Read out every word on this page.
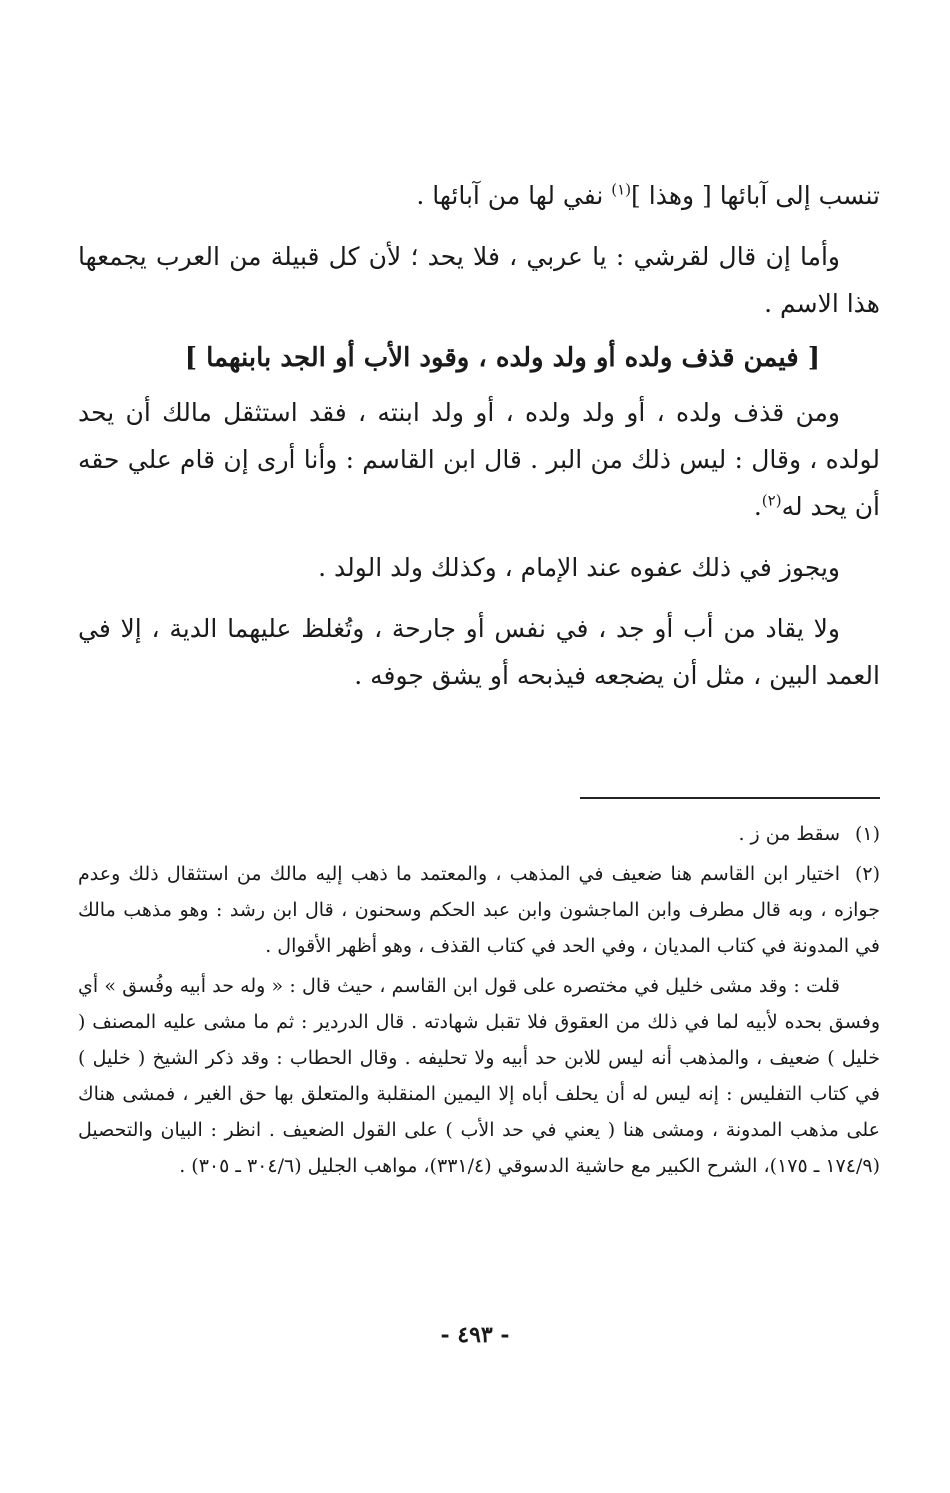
تنسب إلى آبائها [ وهذا ]$^{(١)}$ نفي لها من آبائها .

وأما إن قال لقرشي : يا عربي ، فلا يحد ؛ لأن كل قبيلة من العرب يجمعها هذا الاسم .

[ فيمن قذف ولده أو ولد ولده ، وقود الأب أو الجد بابنهما ]

ومن قذف ولده ، أو ولد ولده ، أو ولد ابنته ، فقد استثقل مالك أن يحد لولده ، وقال : ليس ذلك من البر . قال ابن القاسم : وأنا أرى إن قام علي حقه أن يحد له$^{(٢)}$.

ويجوز في ذلك عفوه عند الإمام ، وكذلك ولد الولد .

ولا يقاد من أب أو جد ، في نفس أو جارحة ، وتُغلظ عليهما الدية ، إلا في العمد البين ، مثل أن يضجعه فيذبحه أو يشق جوفه .

(١)سقط من ز .

(٢)اختيار ابن القاسم هنا ضعيف في المذهب ، والمعتمد ما ذهب إليه مالك من استثقال ذلك وعدم جوازه ، وبه قال مطرف وابن الماجشون وابن عبد الحكم وسحنون ، قال ابن رشد : وهو مذهب مالك في المدونة في كتاب المديان ، وفي الحد في كتاب القذف ، وهو أظهر الأقوال .

قلت : وقد مشى خليل في مختصره على قول ابن القاسم ، حيث قال : « وله حد أبيه وفُسق » أي وفسق بحده لأبيه لما في ذلك من العقوق فلا تقبل شهادته . قال الدردير : ثم ما مشى عليه المصنف ( خليل ) ضعيف ، والمذهب أنه ليس للابن حد أبيه ولا تحليفه . وقال الحطاب : وقد ذكر الشيخ ( خليل ) في كتاب التفليس : إنه ليس له أن يحلف أباه إلا اليمين المنقلبة والمتعلق بها حق الغير ، فمشى هناك على مذهب المدونة ، ومشى هنا ( يعني في حد الأب ) على القول الضعيف . انظر : البيان والتحصيل (١٧٤/٩ ـ ١٧٥)، الشرح الكبير مع حاشية الدسوقي (٣٣١/٤)، مواهب الجليل (٣٠٤/٦ ـ ٣٠٥) .

- ٤٩٣ -
